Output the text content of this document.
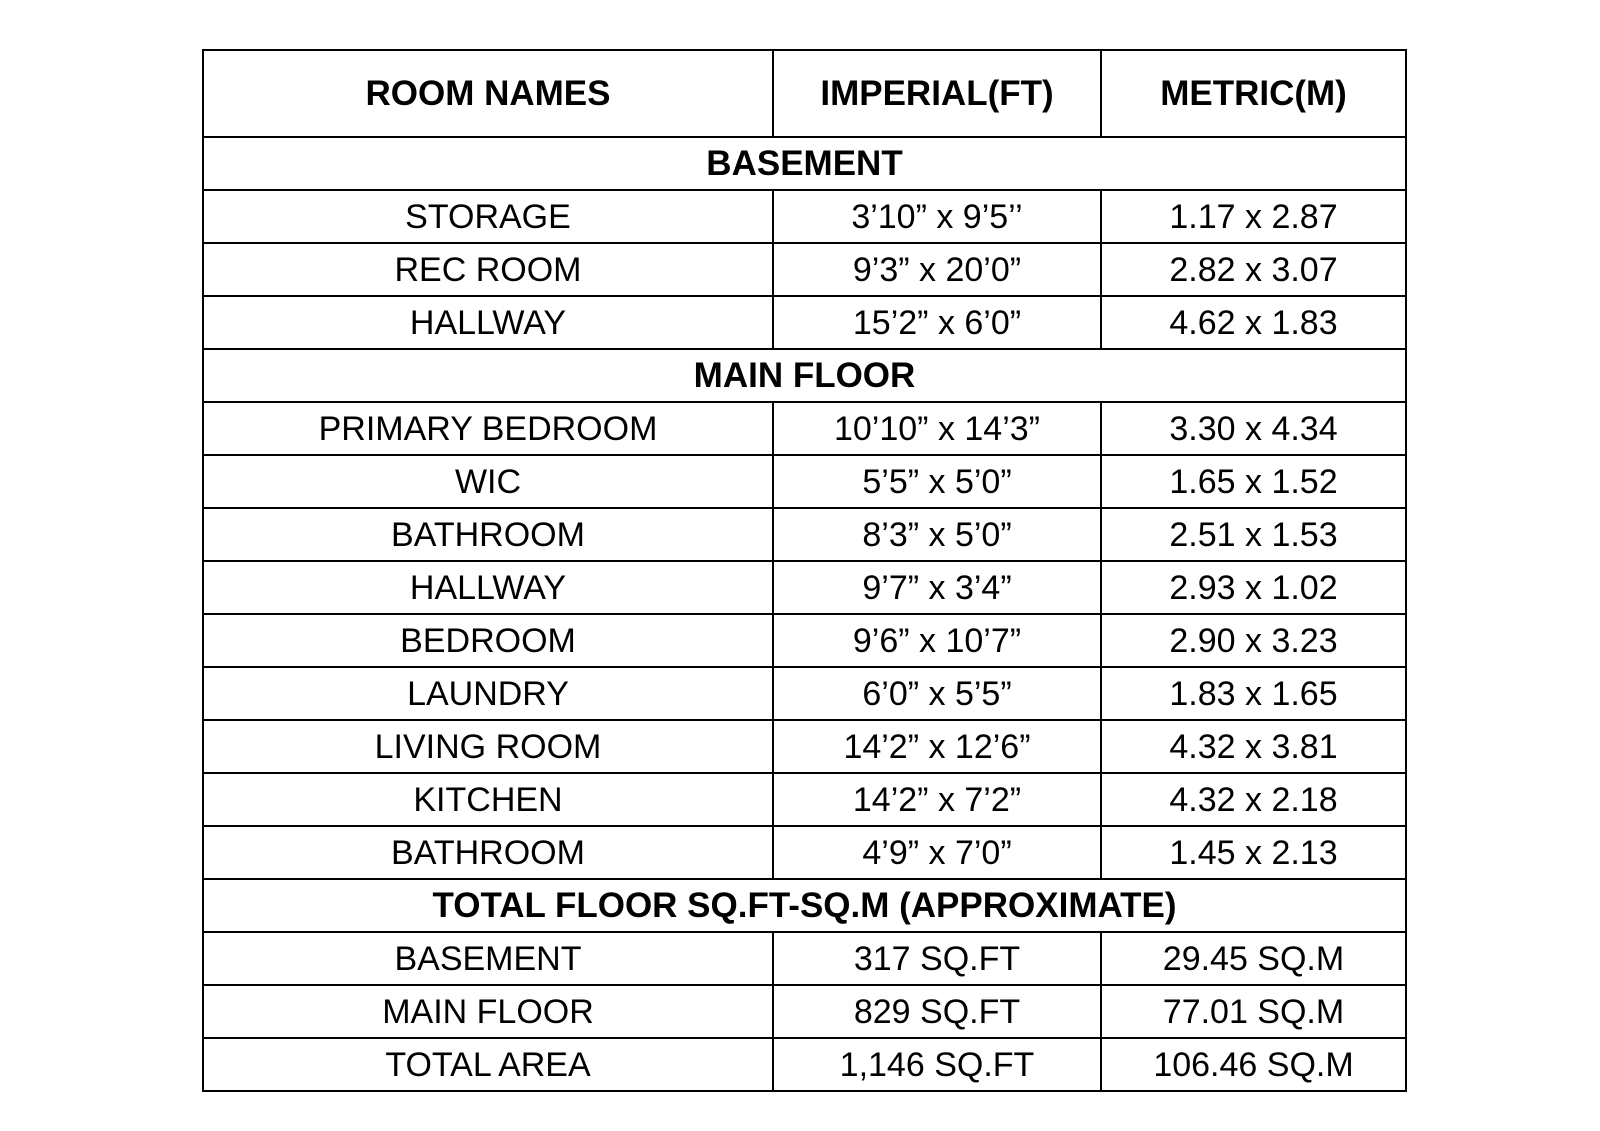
ROOM NAMES	IMPERIAL(FT)	METRIC(M)
BASEMENT		
STORAGE	3’10” x 9’5’’	1.17 x 2.87
REC ROOM	9’3” x 20’0”	2.82 x 3.07
HALLWAY	15’2” x 6’0”	4.62 x 1.83
MAIN FLOOR		
PRIMARY BEDROOM	10’10” x 14’3”	3.30 x 4.34
WIC	5’5” x 5’0”	1.65 x 1.52
BATHROOM	8’3” x 5’0”	2.51 x 1.53
HALLWAY	9’7” x 3’4”	2.93 x 1.02
BEDROOM	9’6” x 10’7”	2.90 x 3.23
LAUNDRY	6’0” x 5’5”	1.83 x 1.65
LIVING ROOM	14’2” x 12’6”	4.32 x 3.81
KITCHEN	14’2” x 7’2”	4.32 x 2.18
BATHROOM	4’9” x 7’0”	1.45 x 2.13
TOTAL FLOOR SQ.FT-SQ.M (APPROXIMATE)		
BASEMENT	317 SQ.FT	29.45 SQ.M
MAIN FLOOR	829 SQ.FT	77.01 SQ.M
TOTAL AREA	1,146 SQ.FT	106.46 SQ.M
